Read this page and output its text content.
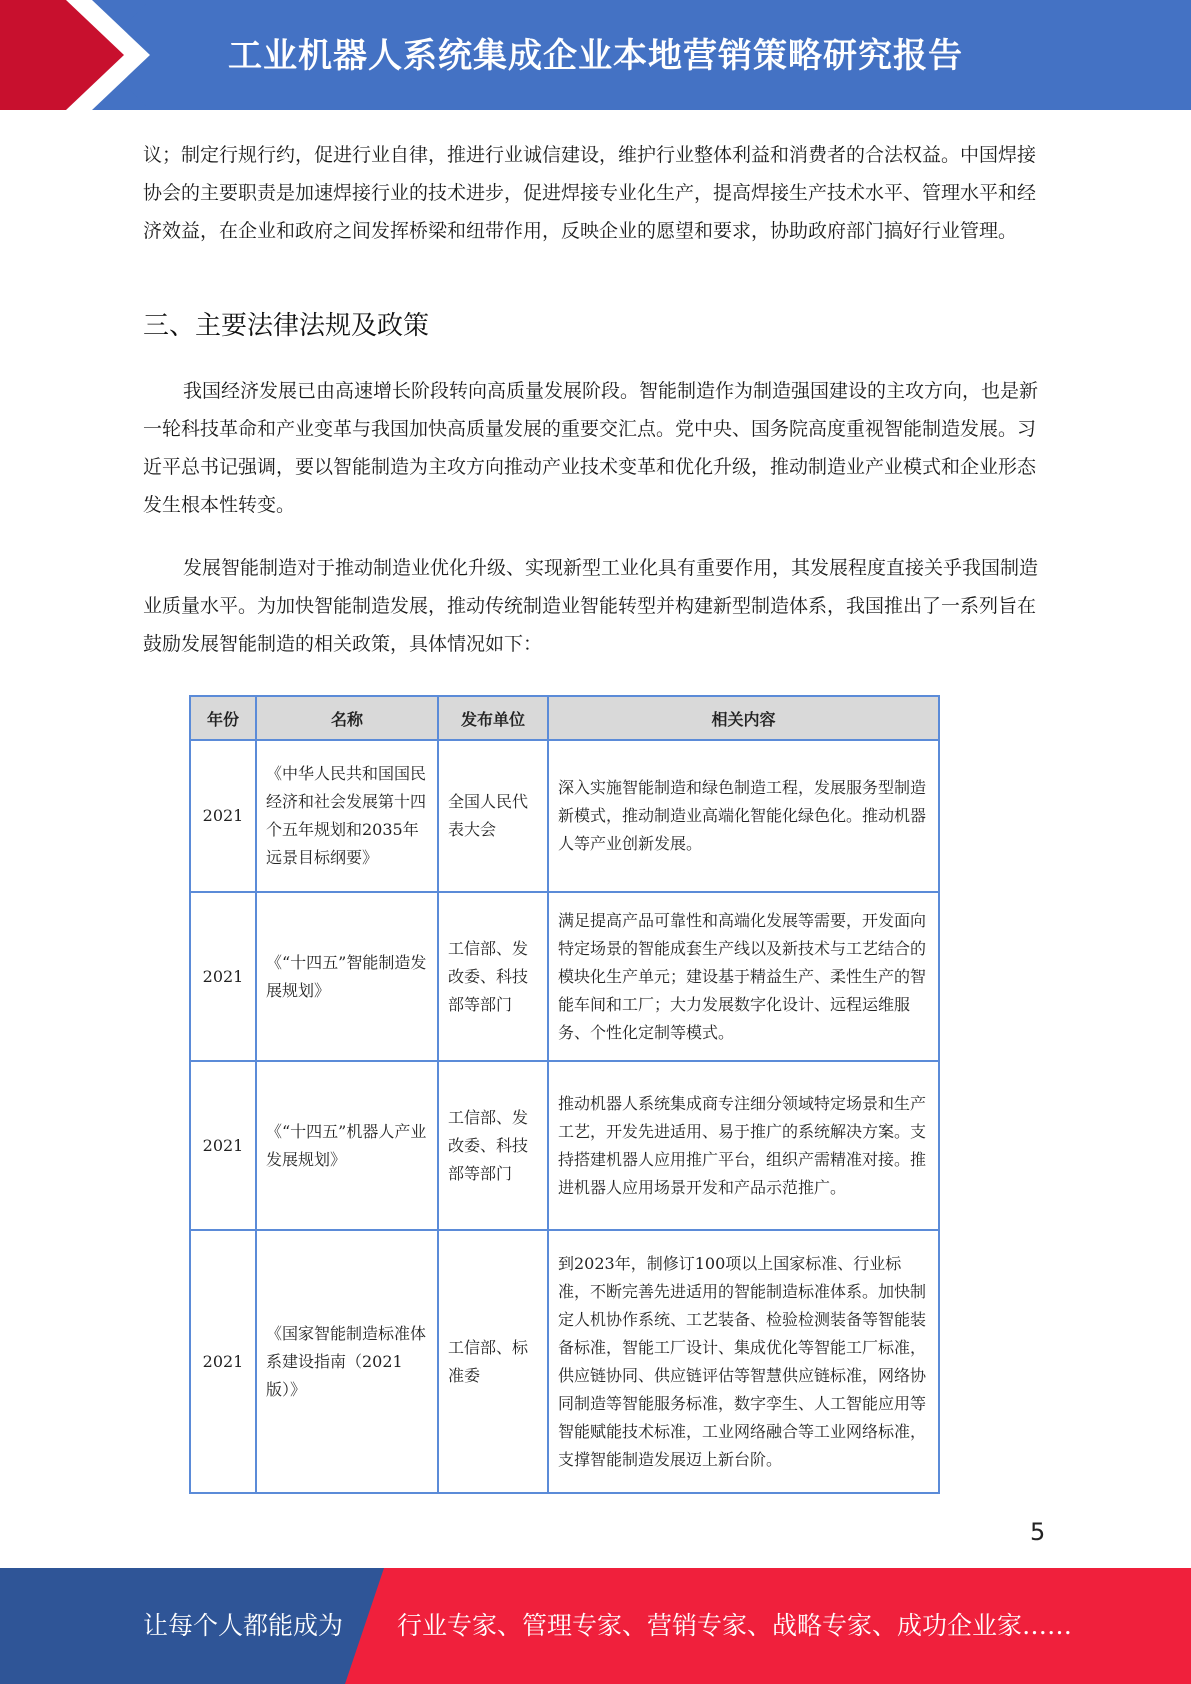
工业机器人系统集成企业本地营销策略研究报告

议；制定行规行约，促进行业自律，推进行业诚信建设，维护行业整体利益和消费者的合法权益。中国焊接协会的主要职责是加速焊接行业的技术进步，促进焊接专业化生产，提高焊接生产技术水平、管理水平和经济效益，在企业和政府之间发挥桥梁和纽带作用，反映企业的愿望和要求，协助政府部门搞好行业管理。

三、主要法律法规及政策

我国经济发展已由高速增长阶段转向高质量发展阶段。智能制造作为制造强国建设的主攻方向，也是新一轮科技革命和产业变革与我国加快高质量发展的重要交汇点。党中央、国务院高度重视智能制造发展。习近平总书记强调，要以智能制造为主攻方向推动产业技术变革和优化升级，推动制造业产业模式和企业形态发生根本性转变。

发展智能制造对于推动制造业优化升级、实现新型工业化具有重要作用，其发展程度直接关乎我国制造业质量水平。为加快智能制造发展，推动传统制造业智能转型并构建新型制造体系，我国推出了一系列旨在鼓励发展智能制造的相关政策，具体情况如下：

年份	名称	发布单位	相关内容
2021	《中华人民共和国国民经济和社会发展第十四个五年规划和2035年远景目标纲要》	全国人民代表大会	深入实施智能制造和绿色制造工程，发展服务型制造新模式，推动制造业高端化智能化绿色化。推动机器人等产业创新发展。
2021	《“十四五”智能制造发展规划》	工信部、发改委、科技部等部门	满足提高产品可靠性和高端化发展等需要，开发面向特定场景的智能成套生产线以及新技术与工艺结合的模块化生产单元；建设基于精益生产、柔性生产的智能车间和工厂；大力发展数字化设计、远程运维服务、个性化定制等模式。
2021	《“十四五”机器人产业发展规划》	工信部、发改委、科技部等部门	推动机器人系统集成商专注细分领域特定场景和生产工艺，开发先进适用、易于推广的系统解决方案。支持搭建机器人应用推广平台，组织产需精准对接。推进机器人应用场景开发和产品示范推广。
2021	《国家智能制造标准体系建设指南（2021版）》	工信部、标准委	到2023年，制修订100项以上国家标准、行业标准，不断完善先进适用的智能制造标准体系。加快制定人机协作系统、工艺装备、检验检测装备等智能装备标准，智能工厂设计、集成优化等智能工厂标准，供应链协同、供应链评估等智慧供应链标准，网络协同制造等智能服务标准，数字孪生、人工智能应用等智能赋能技术标准，工业网络融合等工业网络标准，支撑智能制造发展迈上新台阶。
5
让每个人都能成为 行业专家、管理专家、营销专家、战略专家、成功企业家……
